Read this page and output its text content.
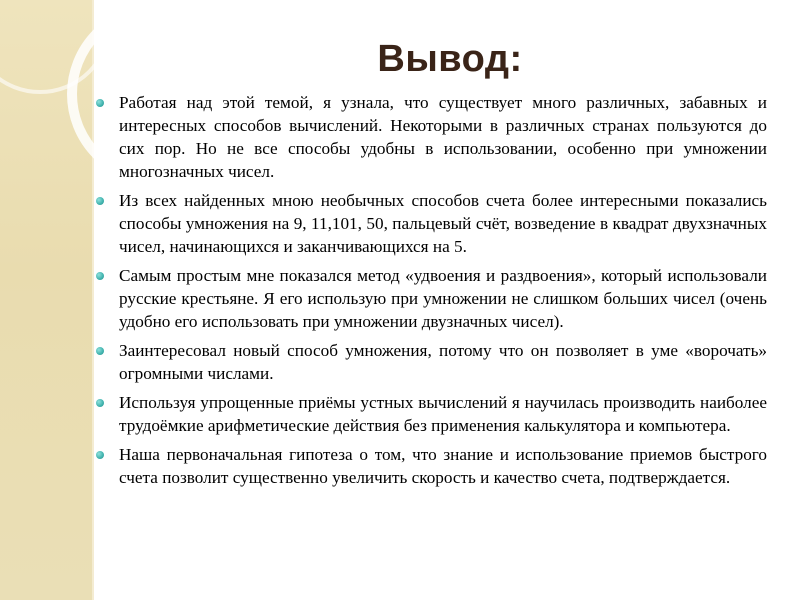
Вывод:
Работая над этой темой, я узнала, что существует много различных, забавных и интересных способов вычислений. Некоторыми в различных странах пользуются до сих пор. Но не все способы удобны в использовании, особенно при умножении многозначных чисел.
Из всех найденных мною необычных способов счета более интересными показались способы умножения на 9, 11,101, 50, пальцевый счёт, возведение в квадрат двухзначных чисел, начинающихся и заканчивающихся на 5.
Самым простым мне показался метод «удвоения и раздвоения», который использовали русские крестьяне. Я его использую при умножении не слишком больших чисел (очень удобно его использовать при умножении двузначных чисел).
Заинтересовал новый способ умножения, потому что он позволяет в уме «ворочать» огромными числами.
Используя упрощенные приёмы устных вычислений я научилась производить наиболее трудоёмкие арифметические действия без применения калькулятора и компьютера.
Наша первоначальная гипотеза о том, что знание и использование приемов быстрого счета позволит существенно увеличить скорость и качество счета, подтверждается.
